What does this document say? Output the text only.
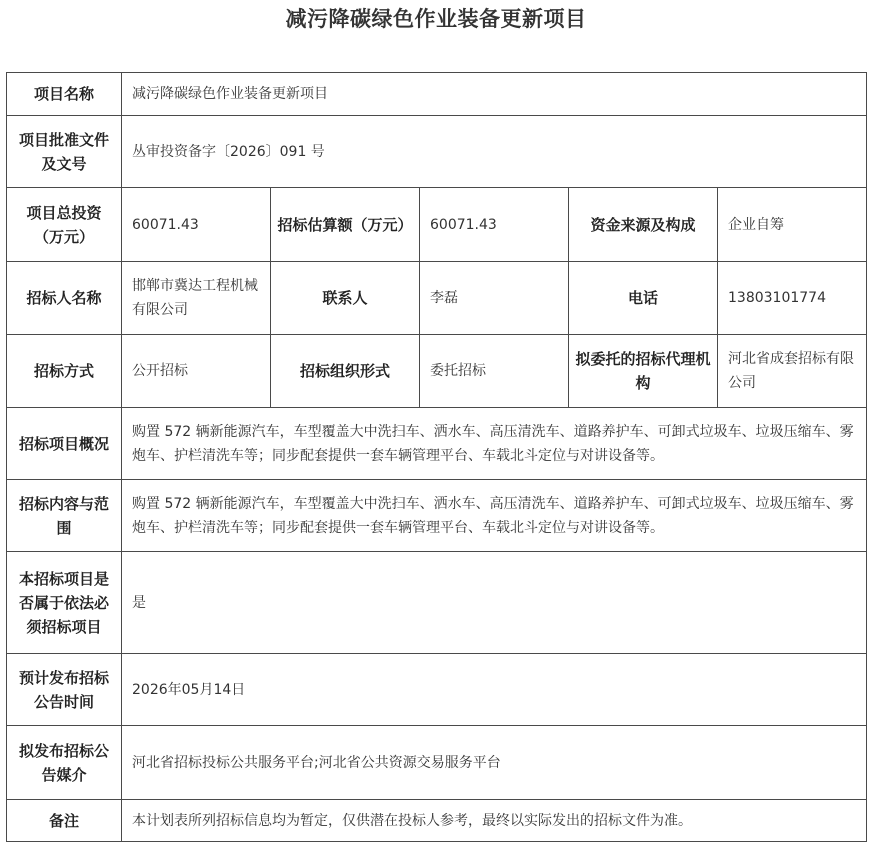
减污降碳绿色作业装备更新项目
项目名称	减污降碳绿色作业装备更新项目				
项目批准文件及文号	丛审投资备字〔2026〕091 号				
项目总投资（万元）	60071.43	招标估算额（万元）	60071.43	资金来源及构成	企业自筹
招标人名称	邯郸市冀达工程机械有限公司	联系人	李磊	电话	13803101774
招标方式	公开招标	招标组织形式	委托招标	拟委托的招标代理机构	河北省成套招标有限公司
招标项目概况	购置 572 辆新能源汽车，车型覆盖大中洗扫车、洒水车、高压清洗车、道路养护车、可卸式垃圾车、垃圾压缩车、雾炮车、护栏清洗车等；同步配套提供一套车辆管理平台、车载北斗定位与对讲设备等。				
招标内容与范围	购置 572 辆新能源汽车，车型覆盖大中洗扫车、洒水车、高压清洗车、道路养护车、可卸式垃圾车、垃圾压缩车、雾炮车、护栏清洗车等；同步配套提供一套车辆管理平台、车载北斗定位与对讲设备等。				
本招标项目是否属于依法必须招标项目	是				
预计发布招标公告时间	2026年05月14日				
拟发布招标公告媒介	河北省招标投标公共服务平台;河北省公共资源交易服务平台				
备注	本计划表所列招标信息均为暂定，仅供潜在投标人参考，最终以实际发出的招标文件为准。				
